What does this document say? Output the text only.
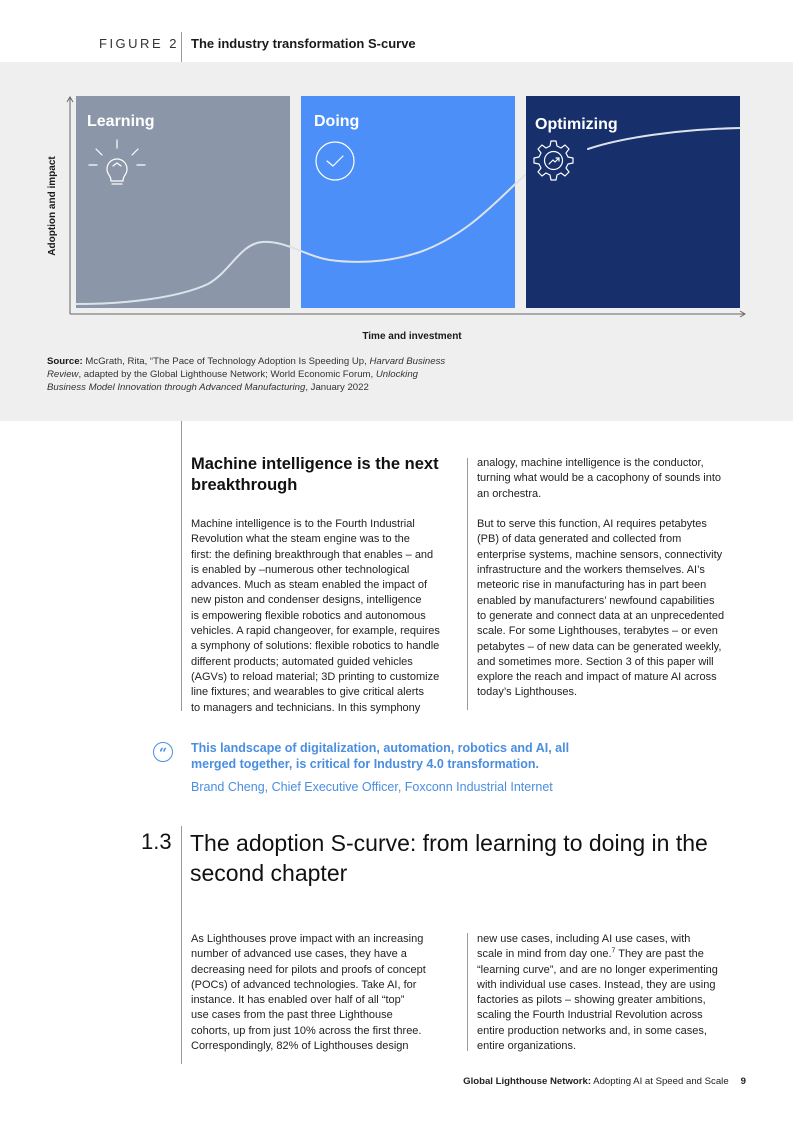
FIGURE 2 The industry transformation S-curve
Learning	Doing	Optimizing
Time and investment
Adoption and impact
Source: McGrath, Rita, “The Pace of Technology Adoption Is Speeding Up, Harvard Business Review, adapted by the Global Lighthouse Network; World Economic Forum, Unlocking Business Model Innovation through Advanced Manufacturing, January 2022
Machine intelligence is the next breakthrough
Machine intelligence is to the Fourth Industrial
Revolution what the steam engine was to the
first: the defining breakthrough that enables – and
is enabled by –numerous other technological
advances. Much as steam enabled the impact of
new piston and condenser designs, intelligence
is empowering flexible robotics and autonomous
vehicles. A rapid changeover, for example, requires
a symphony of solutions: flexible robotics to handle
different products; automated guided vehicles
(AGVs) to reload material; 3D printing to customize
line fixtures; and wearables to give critical alerts
to managers and technicians. In this symphony
analogy, machine intelligence is the conductor,
turning what would be a cacophony of sounds into
an orchestra.

But to serve this function, AI requires petabytes
(PB) of data generated and collected from
enterprise systems, machine sensors, connectivity
infrastructure and the workers themselves. AI’s
meteoric rise in manufacturing has in part been
enabled by manufacturers’ newfound capabilities
to generate and connect data at an unprecedented
scale. For some Lighthouses, terabytes – or even
petabytes – of new data can be generated weekly,
and sometimes more. Section 3 of this paper will
explore the reach and impact of mature AI across
today’s Lighthouses.
“	This landscape of digitalization, automation, robotics and AI, all merged together, is critical for Industry 4.0 transformation.
Brand Cheng, Chief Executive Officer, Foxconn Industrial Internet
1.3 The adoption S-curve: from learning to doing in the second chapter
As Lighthouses prove impact with an increasing
number of advanced use cases, they have a
decreasing need for pilots and proofs of concept
(POCs) of advanced technologies. Take AI, for
instance. It has enabled over half of all “top”
use cases from the past three Lighthouse
cohorts, up from just 10% across the first three.
Correspondingly, 82% of Lighthouses design
new use cases, including AI use cases, with
scale in mind from day one.$^7$ They are past the
“learning curve”, and are no longer experimenting
with individual use cases. Instead, they are using
factories as pilots – showing greater ambitions,
scaling the Fourth Industrial Revolution across
entire production networks and, in some cases,
entire organizations.
Global Lighthouse Network: Adopting AI at Speed and Scale 9
